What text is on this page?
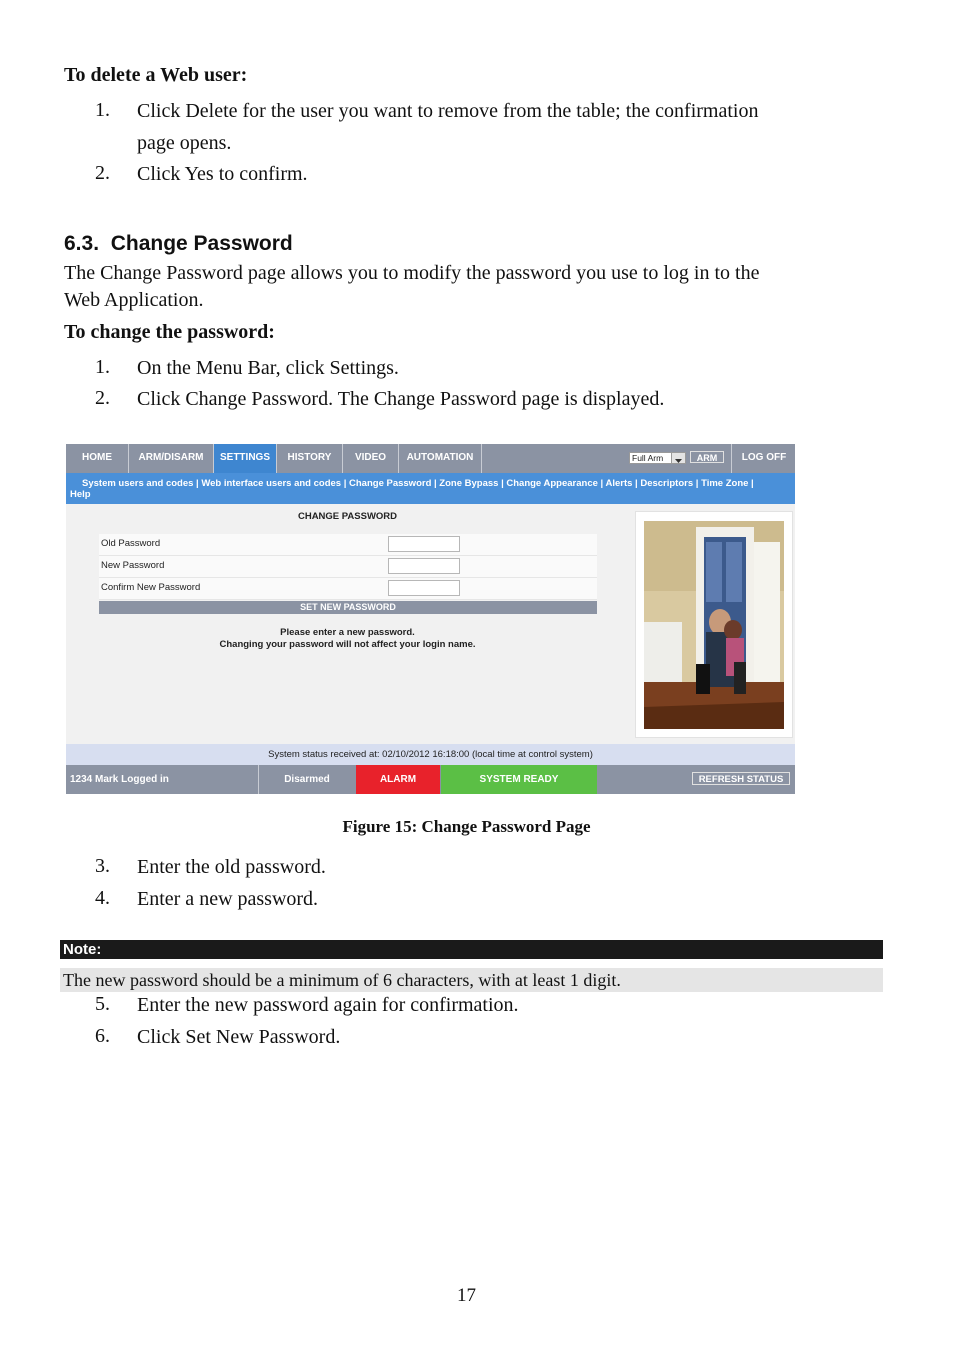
To delete a Web user:
1.	Click Delete for the user you want to remove from the table; the confirmation
page opens.
2.	Click Yes to confirm.
6.3. Change Password
The Change Password page allows you to modify the password you use to log in to the
Web Application.
To change the password:
1.	On the Menu Bar, click Settings.
2.	Click Change Password. The Change Password page is displayed.
HOME	ARM/DISARM	SETTINGS	HISTORY	VIDEO	AUTOMATION	Full Arm	ARM	LOG OFF
System users and codes | Web interface users and codes | Change Password | Zone Bypass | Change Appearance | Alerts | Descriptors | Time Zone |
Help
CHANGE PASSWORD
Old Password
New Password
Confirm New Password
SET NEW PASSWORD
Please enter a new password.
Changing your password will not affect your login name.
System status received at: 02/10/2012 16:18:00 (local time at control system)
1234 Mark Logged in	Disarmed	ALARM	SYSTEM READY	REFRESH STATUS
Figure 15: Change Password Page
3.	Enter the old password.
4.	Enter a new password.
Note:
The new password should be a minimum of 6 characters, with at least 1 digit.
5.	Enter the new password again for confirmation.
6.	Click Set New Password.
17
